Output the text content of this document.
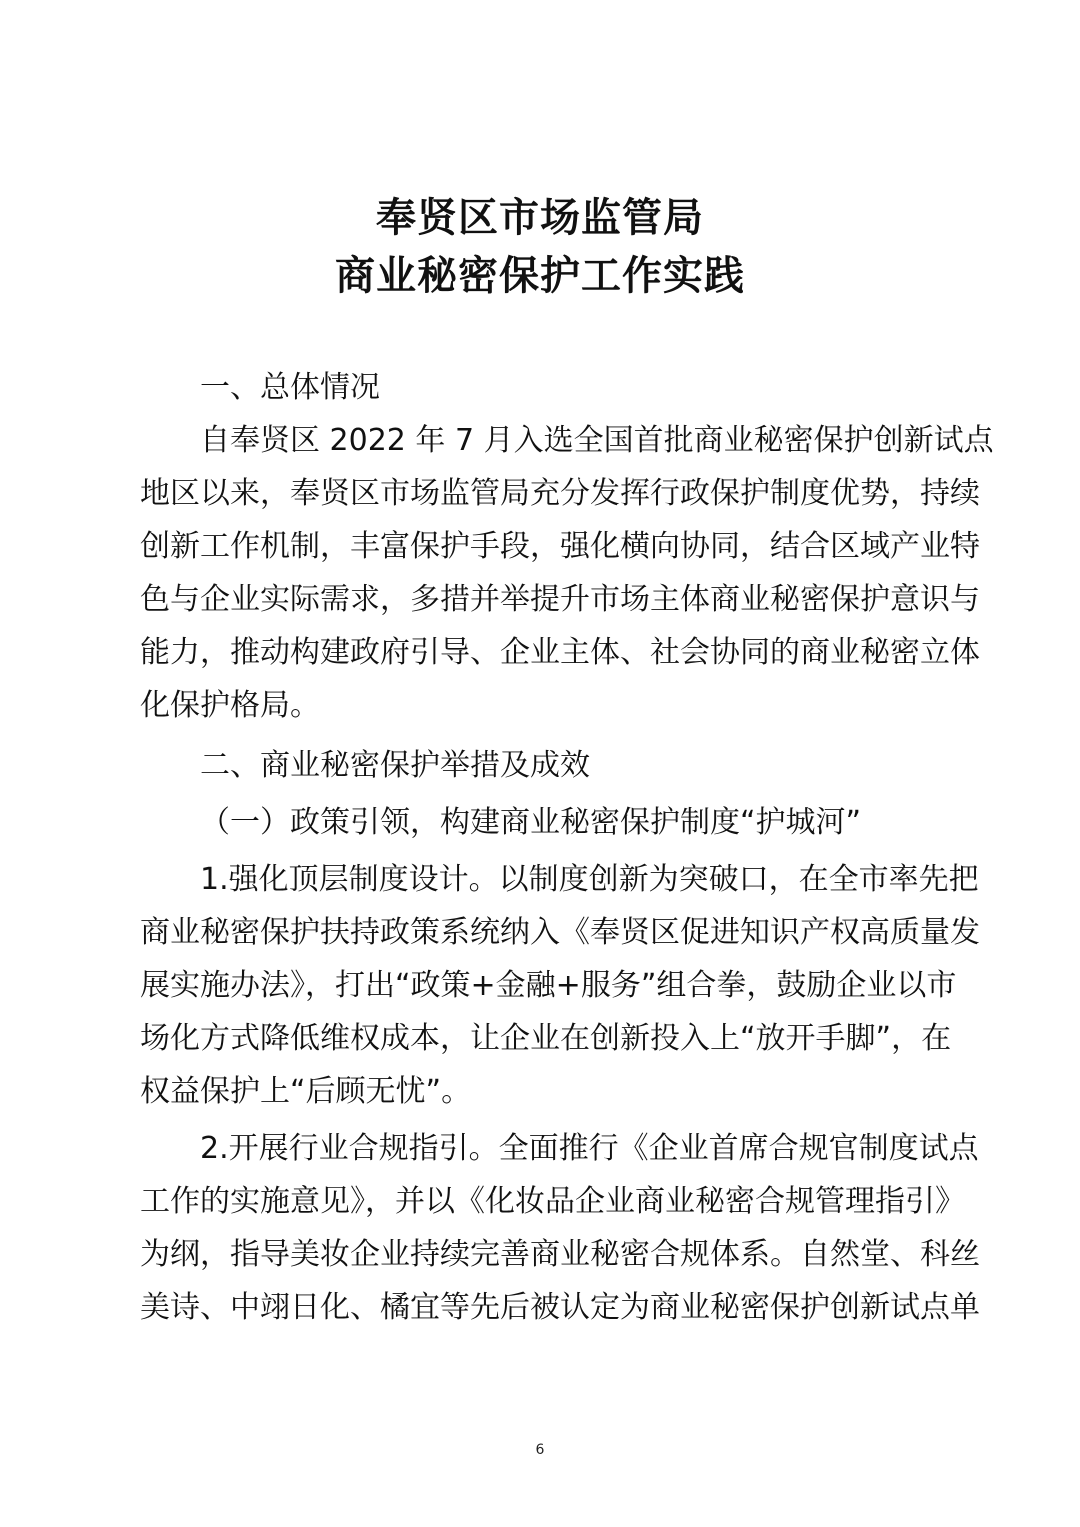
奉贤区市场监管局
商业秘密保护工作实践
一、总体情况
自奉贤区 2022 年 7 月入选全国首批商业秘密保护创新试点
地区以来，奉贤区市场监管局充分发挥行政保护制度优势，持续
创新工作机制，丰富保护手段，强化横向协同，结合区域产业特
色与企业实际需求，多措并举提升市场主体商业秘密保护意识与
能力，推动构建政府引导、企业主体、社会协同的商业秘密立体
化保护格局。
二、商业秘密保护举措及成效
（一）政策引领，构建商业秘密保护制度“护城河”
1.强化顶层制度设计。以制度创新为突破口，在全市率先把
商业秘密保护扶持政策系统纳入《奉贤区促进知识产权高质量发
展实施办法》，打出“政策+金融+服务”组合拳，鼓励企业以市
场化方式降低维权成本，让企业在创新投入上“放开手脚”，在
权益保护上“后顾无忧”。
2.开展行业合规指引。全面推行《企业首席合规官制度试点
工作的实施意见》，并以《化妆品企业商业秘密合规管理指引》
为纲，指导美妆企业持续完善商业秘密合规体系。自然堂、科丝
美诗、中翊日化、橘宜等先后被认定为商业秘密保护创新试点单
6
